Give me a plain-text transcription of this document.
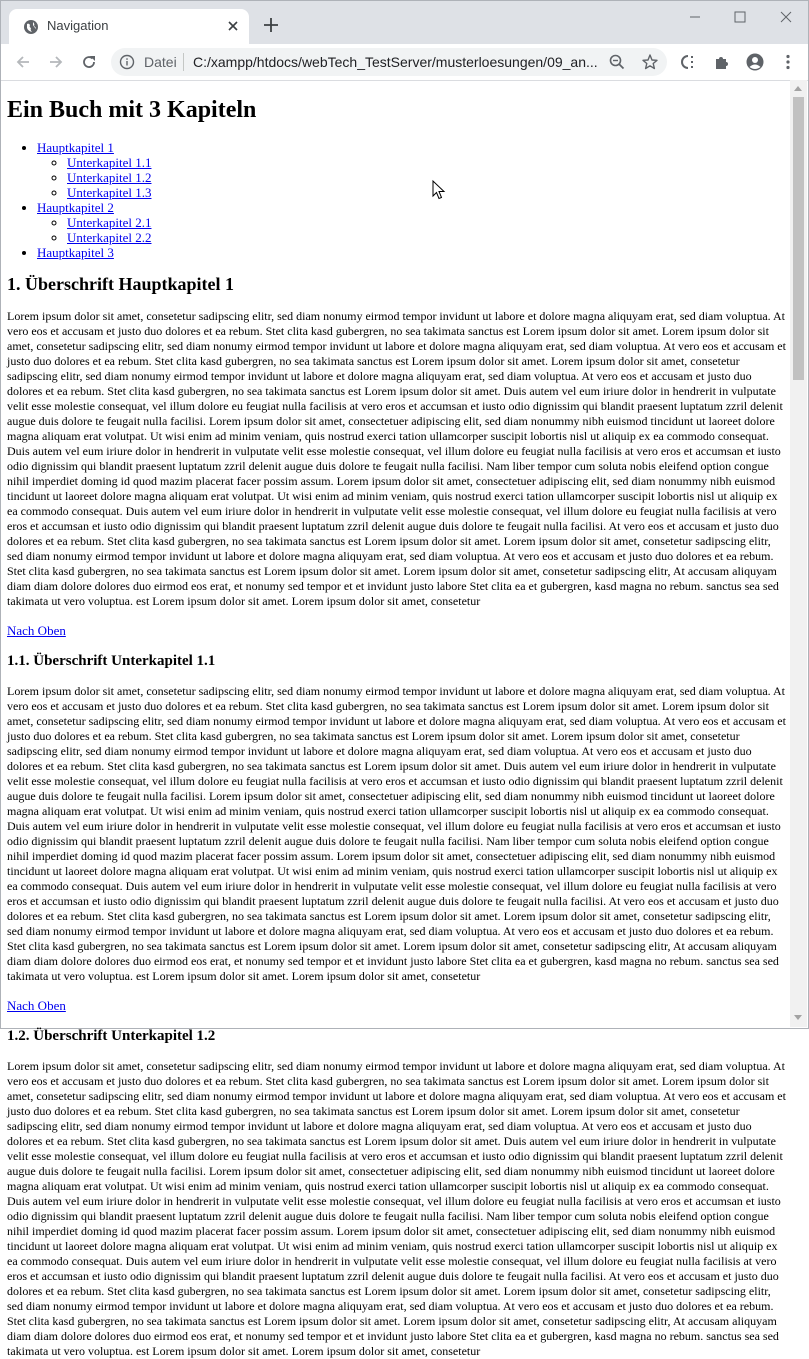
Navigation
Datei C:/xampp/htdocs/webTech_TestServer/musterloesungen/09_an...
Ein Buch mit 3 Kapiteln
• Hauptkapitel 1
◦ Unterkapitel 1.1
◦ Unterkapitel 1.2
◦ Unterkapitel 1.3
• Hauptkapitel 2
◦ Unterkapitel 2.1
◦ Unterkapitel 2.2
• Hauptkapitel 3
1. Überschrift Hauptkapitel 1

Lorem ipsum dolor sit amet, consetetur sadipscing elitr, sed diam nonumy eirmod tempor invidunt ut labore et dolore magna aliquyam erat, sed diam voluptua. At vero eos et accusam et justo duo dolores et ea rebum. Stet clita kasd gubergren, no sea takimata sanctus est Lorem ipsum dolor sit amet. Lorem ipsum dolor sit amet, consetetur sadipscing elitr, sed diam nonumy eirmod tempor invidunt ut labore et dolore magna aliquyam erat, sed diam voluptua. At vero eos et accusam et justo duo dolores et ea rebum. Stet clita kasd gubergren, no sea takimata sanctus est Lorem ipsum dolor sit amet. Lorem ipsum dolor sit amet, consetetur sadipscing elitr, sed diam nonumy eirmod tempor invidunt ut labore et dolore magna aliquyam erat, sed diam voluptua. At vero eos et accusam et justo duo dolores et ea rebum. Stet clita kasd gubergren, no sea takimata sanctus est Lorem ipsum dolor sit amet. Duis autem vel eum iriure dolor in hendrerit in vulputate velit esse molestie consequat, vel illum dolore eu feugiat nulla facilisis at vero eros et accumsan et iusto odio dignissim qui blandit praesent luptatum zzril delenit augue duis dolore te feugait nulla facilisi. Lorem ipsum dolor sit amet, consectetuer adipiscing elit, sed diam nonummy nibh euismod tincidunt ut laoreet dolore magna aliquam erat volutpat. Ut wisi enim ad minim veniam, quis nostrud exerci tation ullamcorper suscipit lobortis nisl ut aliquip ex ea commodo consequat. Duis autem vel eum iriure dolor in hendrerit in vulputate velit esse molestie consequat, vel illum dolore eu feugiat nulla facilisis at vero eros et accumsan et iusto odio dignissim qui blandit praesent luptatum zzril delenit augue duis dolore te feugait nulla facilisi. Nam liber tempor cum soluta nobis eleifend option congue nihil imperdiet doming id quod mazim placerat facer possim assum. Lorem ipsum dolor sit amet, consectetuer adipiscing elit, sed diam nonummy nibh euismod tincidunt ut laoreet dolore magna aliquam erat volutpat. Ut wisi enim ad minim veniam, quis nostrud exerci tation ullamcorper suscipit lobortis nisl ut aliquip ex ea commodo consequat. Duis autem vel eum iriure dolor in hendrerit in vulputate velit esse molestie consequat, vel illum dolore eu feugiat nulla facilisis at vero eros et accumsan et iusto odio dignissim qui blandit praesent luptatum zzril delenit augue duis dolore te feugait nulla facilisi. At vero eos et accusam et justo duo dolores et ea rebum. Stet clita kasd gubergren, no sea takimata sanctus est Lorem ipsum dolor sit amet. Lorem ipsum dolor sit amet, consetetur sadipscing elitr, sed diam nonumy eirmod tempor invidunt ut labore et dolore magna aliquyam erat, sed diam voluptua. At vero eos et accusam et justo duo dolores et ea rebum. Stet clita kasd gubergren, no sea takimata sanctus est Lorem ipsum dolor sit amet. Lorem ipsum dolor sit amet, consetetur sadipscing elitr, At accusam aliquyam diam diam dolore dolores duo eirmod eos erat, et nonumy sed tempor et et invidunt justo labore Stet clita ea et gubergren, kasd magna no rebum. sanctus sea sed takimata ut vero voluptua. est Lorem ipsum dolor sit amet. Lorem ipsum dolor sit amet, consetetur

Nach Oben

1.1. Überschrift Unterkapitel 1.1

Lorem ipsum dolor sit amet, consetetur sadipscing elitr, sed diam nonumy eirmod tempor invidunt ut labore et dolore magna aliquyam erat, sed diam voluptua. At vero eos et accusam et justo duo dolores et ea rebum. Stet clita kasd gubergren, no sea takimata sanctus est Lorem ipsum dolor sit amet. Lorem ipsum dolor sit amet, consetetur sadipscing elitr, sed diam nonumy eirmod tempor invidunt ut labore et dolore magna aliquyam erat, sed diam voluptua. At vero eos et accusam et justo duo dolores et ea rebum. Stet clita kasd gubergren, no sea takimata sanctus est Lorem ipsum dolor sit amet. Lorem ipsum dolor sit amet, consetetur sadipscing elitr, sed diam nonumy eirmod tempor invidunt ut labore et dolore magna aliquyam erat, sed diam voluptua. At vero eos et accusam et justo duo dolores et ea rebum. Stet clita kasd gubergren, no sea takimata sanctus est Lorem ipsum dolor sit amet. Duis autem vel eum iriure dolor in hendrerit in vulputate velit esse molestie consequat, vel illum dolore eu feugiat nulla facilisis at vero eros et accumsan et iusto odio dignissim qui blandit praesent luptatum zzril delenit augue duis dolore te feugait nulla facilisi. Lorem ipsum dolor sit amet, consectetuer adipiscing elit, sed diam nonummy nibh euismod tincidunt ut laoreet dolore magna aliquam erat volutpat. Ut wisi enim ad minim veniam, quis nostrud exerci tation ullamcorper suscipit lobortis nisl ut aliquip ex ea commodo consequat. Duis autem vel eum iriure dolor in hendrerit in vulputate velit esse molestie consequat, vel illum dolore eu feugiat nulla facilisis at vero eros et accumsan et iusto odio dignissim qui blandit praesent luptatum zzril delenit augue duis dolore te feugait nulla facilisi. Nam liber tempor cum soluta nobis eleifend option congue nihil imperdiet doming id quod mazim placerat facer possim assum. Lorem ipsum dolor sit amet, consectetuer adipiscing elit, sed diam nonummy nibh euismod tincidunt ut laoreet dolore magna aliquam erat volutpat. Ut wisi enim ad minim veniam, quis nostrud exerci tation ullamcorper suscipit lobortis nisl ut aliquip ex ea commodo consequat. Duis autem vel eum iriure dolor in hendrerit in vulputate velit esse molestie consequat, vel illum dolore eu feugiat nulla facilisis at vero eros et accumsan et iusto odio dignissim qui blandit praesent luptatum zzril delenit augue duis dolore te feugait nulla facilisi. At vero eos et accusam et justo duo dolores et ea rebum. Stet clita kasd gubergren, no sea takimata sanctus est Lorem ipsum dolor sit amet. Lorem ipsum dolor sit amet, consetetur sadipscing elitr, sed diam nonumy eirmod tempor invidunt ut labore et dolore magna aliquyam erat, sed diam voluptua. At vero eos et accusam et justo duo dolores et ea rebum. Stet clita kasd gubergren, no sea takimata sanctus est Lorem ipsum dolor sit amet. Lorem ipsum dolor sit amet, consetetur sadipscing elitr, At accusam aliquyam diam diam dolore dolores duo eirmod eos erat, et nonumy sed tempor et et invidunt justo labore Stet clita ea et gubergren, kasd magna no rebum. sanctus sea sed takimata ut vero voluptua. est Lorem ipsum dolor sit amet. Lorem ipsum dolor sit amet, consetetur

Nach Oben

1.2. Überschrift Unterkapitel 1.2

Lorem ipsum dolor sit amet, consetetur sadipscing elitr, sed diam nonumy eirmod tempor invidunt ut labore et dolore magna aliquyam erat, sed diam voluptua. At vero eos et accusam et justo duo dolores et ea rebum. Stet clita kasd gubergren, no sea takimata sanctus est Lorem ipsum dolor sit amet. Lorem ipsum dolor sit amet, consetetur sadipscing elitr, sed diam nonumy eirmod tempor invidunt ut labore et dolore magna aliquyam erat, sed diam voluptua. At vero eos et accusam et justo duo dolores et ea rebum. Stet clita kasd gubergren, no sea takimata sanctus est Lorem ipsum dolor sit amet. Lorem ipsum dolor sit amet, consetetur sadipscing elitr, sed diam nonumy eirmod tempor invidunt ut labore et dolore magna aliquyam erat, sed diam voluptua. At vero eos et accusam et justo duo dolores et ea rebum. Stet clita kasd gubergren, no sea takimata sanctus est Lorem ipsum dolor sit amet. Duis autem vel eum iriure dolor in hendrerit in vulputate velit esse molestie consequat, vel illum dolore eu feugiat nulla facilisis at vero eros et accumsan et iusto odio dignissim qui blandit praesent luptatum zzril delenit augue duis dolore te feugait nulla facilisi. Lorem ipsum dolor sit amet, consectetuer adipiscing elit, sed diam nonummy nibh euismod tincidunt ut laoreet dolore magna aliquam erat volutpat. Ut wisi enim ad minim veniam, quis nostrud exerci tation ullamcorper suscipit lobortis nisl ut aliquip ex ea commodo consequat. Duis autem vel eum iriure dolor in hendrerit in vulputate velit esse molestie consequat, vel illum dolore eu feugiat nulla facilisis at vero eros et accumsan et iusto odio dignissim qui blandit praesent luptatum zzril delenit augue duis dolore te feugait nulla facilisi. Nam liber tempor cum soluta nobis eleifend option congue nihil imperdiet doming id quod mazim placerat facer possim assum. Lorem ipsum dolor sit amet, consectetuer adipiscing elit, sed diam nonummy nibh euismod tincidunt ut laoreet dolore magna aliquam erat volutpat. Ut wisi enim ad minim veniam, quis nostrud exerci tation ullamcorper suscipit lobortis nisl ut aliquip ex ea commodo consequat. Duis autem vel eum iriure dolor in hendrerit in vulputate velit esse molestie consequat, vel illum dolore eu feugiat nulla facilisis at vero eros et accumsan et iusto odio dignissim qui blandit praesent luptatum zzril delenit augue duis dolore te feugait nulla facilisi. At vero eos et accusam et justo duo dolores et ea rebum. Stet clita kasd gubergren, no sea takimata sanctus est Lorem ipsum dolor sit amet. Lorem ipsum dolor sit amet, consetetur sadipscing elitr, sed diam nonumy eirmod tempor invidunt ut labore et dolore magna aliquyam erat, sed diam voluptua. At vero eos et accusam et justo duo dolores et ea rebum. Stet clita kasd gubergren, no sea takimata sanctus est Lorem ipsum dolor sit amet. Lorem ipsum dolor sit amet, consetetur sadipscing elitr, At accusam aliquyam diam diam dolore dolores duo eirmod eos erat, et nonumy sed tempor et et invidunt justo labore Stet clita ea et gubergren, kasd magna no rebum. sanctus sea sed takimata ut vero voluptua. est Lorem ipsum dolor sit amet. Lorem ipsum dolor sit amet, consetetur
